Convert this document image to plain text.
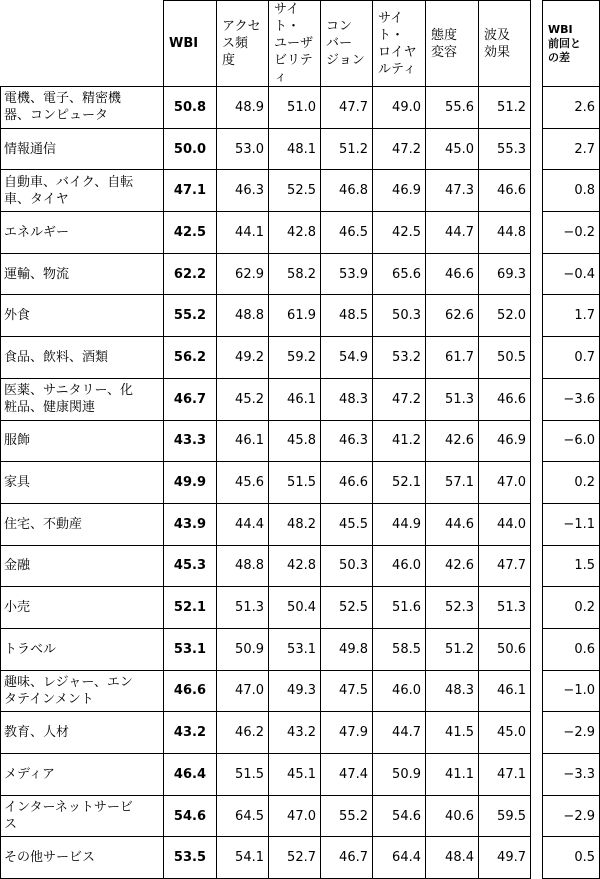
	WBI	アクセ
ス頻
度	サイト・
ユーザ
ビリティ	コン
バー
ジョン	サイト・
ロイヤ
ルティ	態度
変容	波及
効果		WBI
前回と
の差

電機、電子、精密機
器、コンピュータ	50.8	48.9	51.0	47.7	49.0	55.6	51.2		2.6

情報通信	50.0	53.0	48.1	51.2	47.2	45.0	55.3		2.7

自動車、バイク、自転
車、タイヤ	47.1	46.3	52.5	46.8	46.9	47.3	46.6		0.8

エネルギー	42.5	44.1	42.8	46.5	42.5	44.7	44.8		−0.2

運輸、物流	62.2	62.9	58.2	53.9	65.6	46.6	69.3		−0.4

外食	55.2	48.8	61.9	48.5	50.3	62.6	52.0		1.7

食品、飲料、酒類	56.2	49.2	59.2	54.9	53.2	61.7	50.5		0.7

医薬、サニタリー、化
粧品、健康関連	46.7	45.2	46.1	48.3	47.2	51.3	46.6		−3.6

服飾	43.3	46.1	45.8	46.3	41.2	42.6	46.9		−6.0

家具	49.9	45.6	51.5	46.6	52.1	57.1	47.0		0.2

住宅、不動産	43.9	44.4	48.2	45.5	44.9	44.6	44.0		−1.1

金融	45.3	48.8	42.8	50.3	46.0	42.6	47.7		1.5

小売	52.1	51.3	50.4	52.5	51.6	52.3	51.3		0.2

トラベル	53.1	50.9	53.1	49.8	58.5	51.2	50.6		0.6

趣味、レジャー、エン
タテインメント	46.6	47.0	49.3	47.5	46.0	48.3	46.1		−1.0

教育、人材	43.2	46.2	43.2	47.9	44.7	41.5	45.0		−2.9

メディア	46.4	51.5	45.1	47.4	50.9	41.1	47.1		−3.3

インターネットサービ
ス	54.6	64.5	47.0	55.2	54.6	40.6	59.5		−2.9

その他サービス	53.5	54.1	52.7	46.7	64.4	48.4	49.7		0.5
